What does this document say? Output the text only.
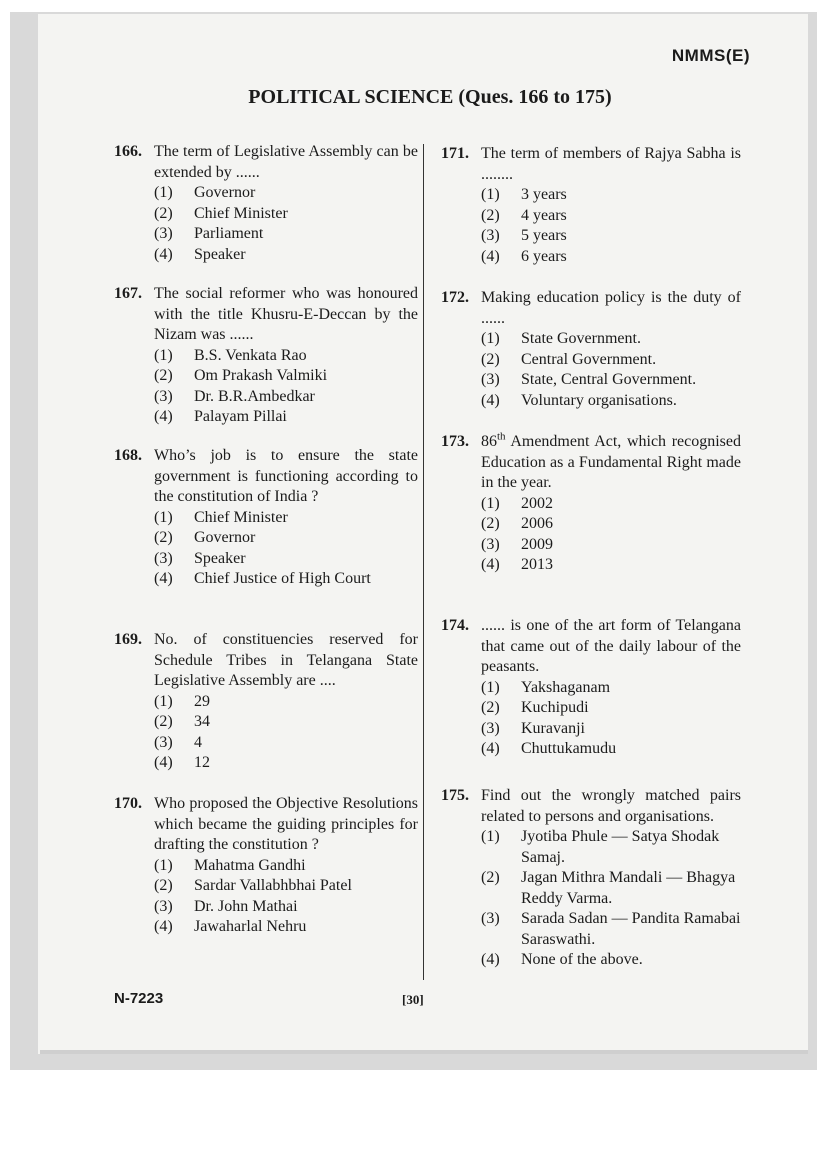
NMMS(E)
POLITICAL SCIENCE (Ques. 166 to 175)
166. The term of Legislative Assembly can be extended by ......
(1)	Governor
(2)	Chief Minister
(3)	Parliament
(4)	Speaker
167. The social reformer who was honoured with the title Khusru-E-Deccan by the Nizam was ......
(1)	B.S. Venkata Rao
(2)	Om Prakash Valmiki
(3)	Dr. B.R.Ambedkar
(4)	Palayam Pillai
168. Who’s job is to ensure the state government is functioning according to the constitution of India ?
(1)	Chief Minister
(2)	Governor
(3)	Speaker
(4)	Chief Justice of High Court
169. No. of constituencies reserved for Schedule Tribes in Telangana State Legislative Assembly are ....
(1)	29
(2)	34
(3)	4
(4)	12
170. Who proposed the Objective Resolutions which became the guiding principles for drafting the constitution ?
(1)	Mahatma Gandhi
(2)	Sardar Vallabhbhai Patel
(3)	Dr. John Mathai
(4)	Jawaharlal Nehru
171. The term of members of Rajya Sabha is ........
(1)	3 years
(2)	4 years
(3)	5 years
(4)	6 years
172. Making education policy is the duty of ......
(1)	State Government.
(2)	Central Government.
(3)	State, Central Government.
(4)	Voluntary organisations.
173. 86th Amendment Act, which recognised Education as a Fundamental Right made in the year.
(1)	2002
(2)	2006
(3)	2009
(4)	2013
174. ...... is one of the art form of Telangana that came out of the daily labour of the peasants.
(1)	Yakshaganam
(2)	Kuchipudi
(3)	Kuravanji
(4)	Chuttukamudu
175. Find out the wrongly matched pairs related to persons and organisations.
(1)	Jyotiba Phule — Satya Shodak Samaj.
(2)	Jagan Mithra Mandali — Bhagya Reddy Varma.
(3)	Sarada Sadan — Pandita Ramabai Saraswathi.
(4)	None of the above.
N-7223	[30]
